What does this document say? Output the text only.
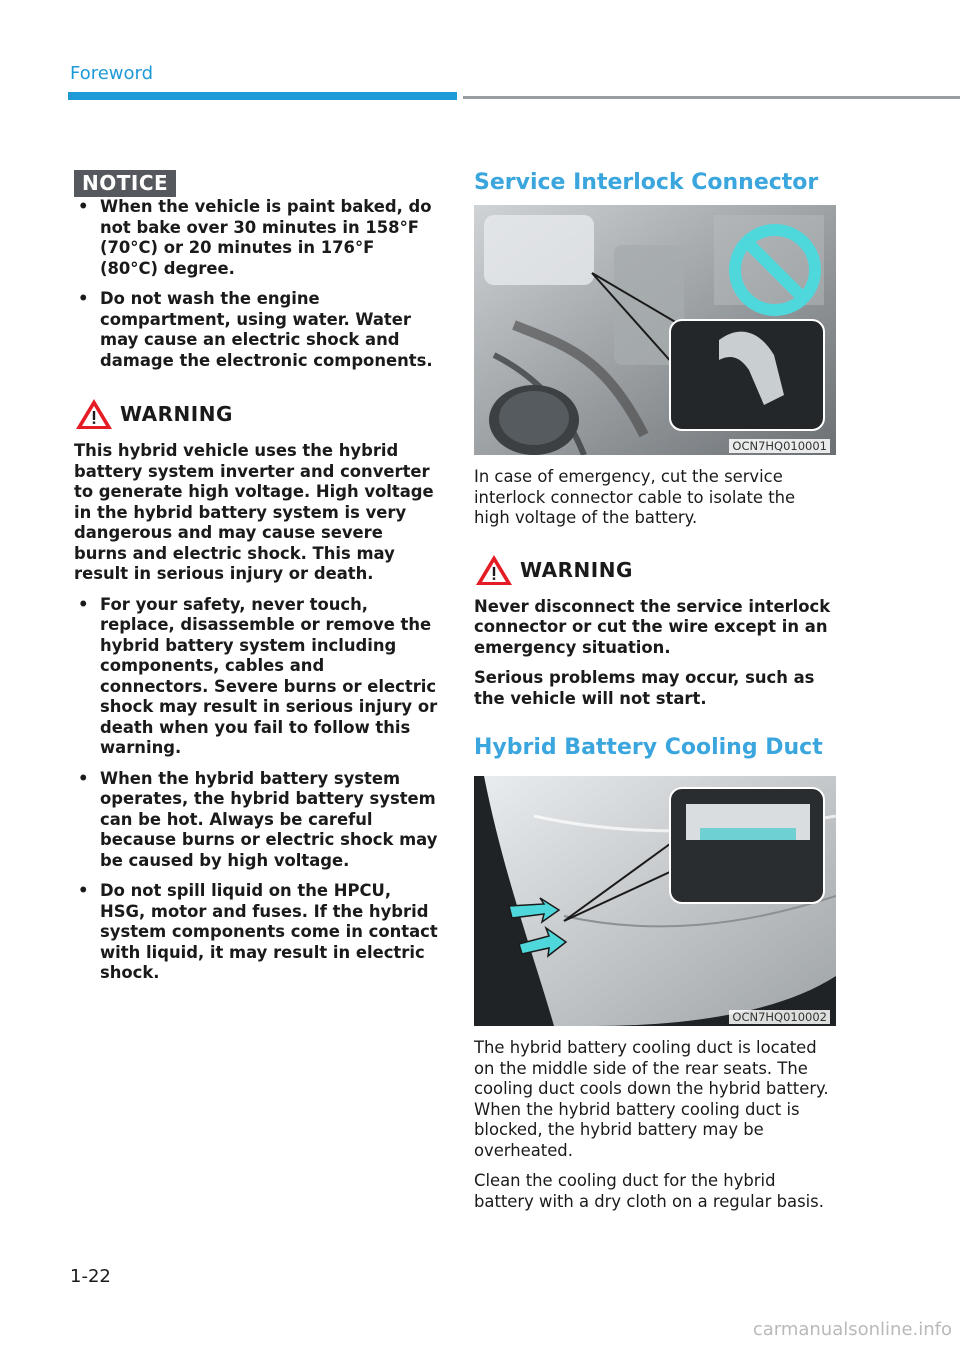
Foreword
NOTICE
• When the vehicle is paint baked, do not bake over 30 minutes in 158°F (70°C) or 20 minutes in 176°F (80°C) degree.
• Do not wash the engine compartment, using water. Water may cause an electric shock and damage the electronic components.
WARNING

This hybrid vehicle uses the hybrid battery system inverter and converter to generate high voltage. High voltage in the hybrid battery system is very dangerous and may cause severe burns and electric shock. This may result in serious injury or death.

• For your safety, never touch, replace, disassemble or remove the hybrid battery system including components, cables and connectors. Severe burns or electric shock may result in serious injury or death when you fail to follow this warning.
• When the hybrid battery system operates, the hybrid battery system can be hot. Always be careful because burns or electric shock may be caused by high voltage.
• Do not spill liquid on the HPCU, HSG, motor and fuses. If the hybrid system components come in contact with liquid, it may result in electric shock.
Service Interlock Connector
OCN7HQ010001

In case of emergency, cut the service interlock connector cable to isolate the high voltage of the battery.

WARNING

Never disconnect the service interlock connector or cut the wire except in an emergency situation.

Serious problems may occur, such as the vehicle will not start.

Hybrid Battery Cooling Duct
OCN7HQ010002

The hybrid battery cooling duct is located on the middle side of the rear seats. The cooling duct cools down the hybrid battery. When the hybrid battery cooling duct is blocked, the hybrid battery may be overheated.

Clean the cooling duct for the hybrid battery with a dry cloth on a regular basis.

1-22
carmanualsonline.info
